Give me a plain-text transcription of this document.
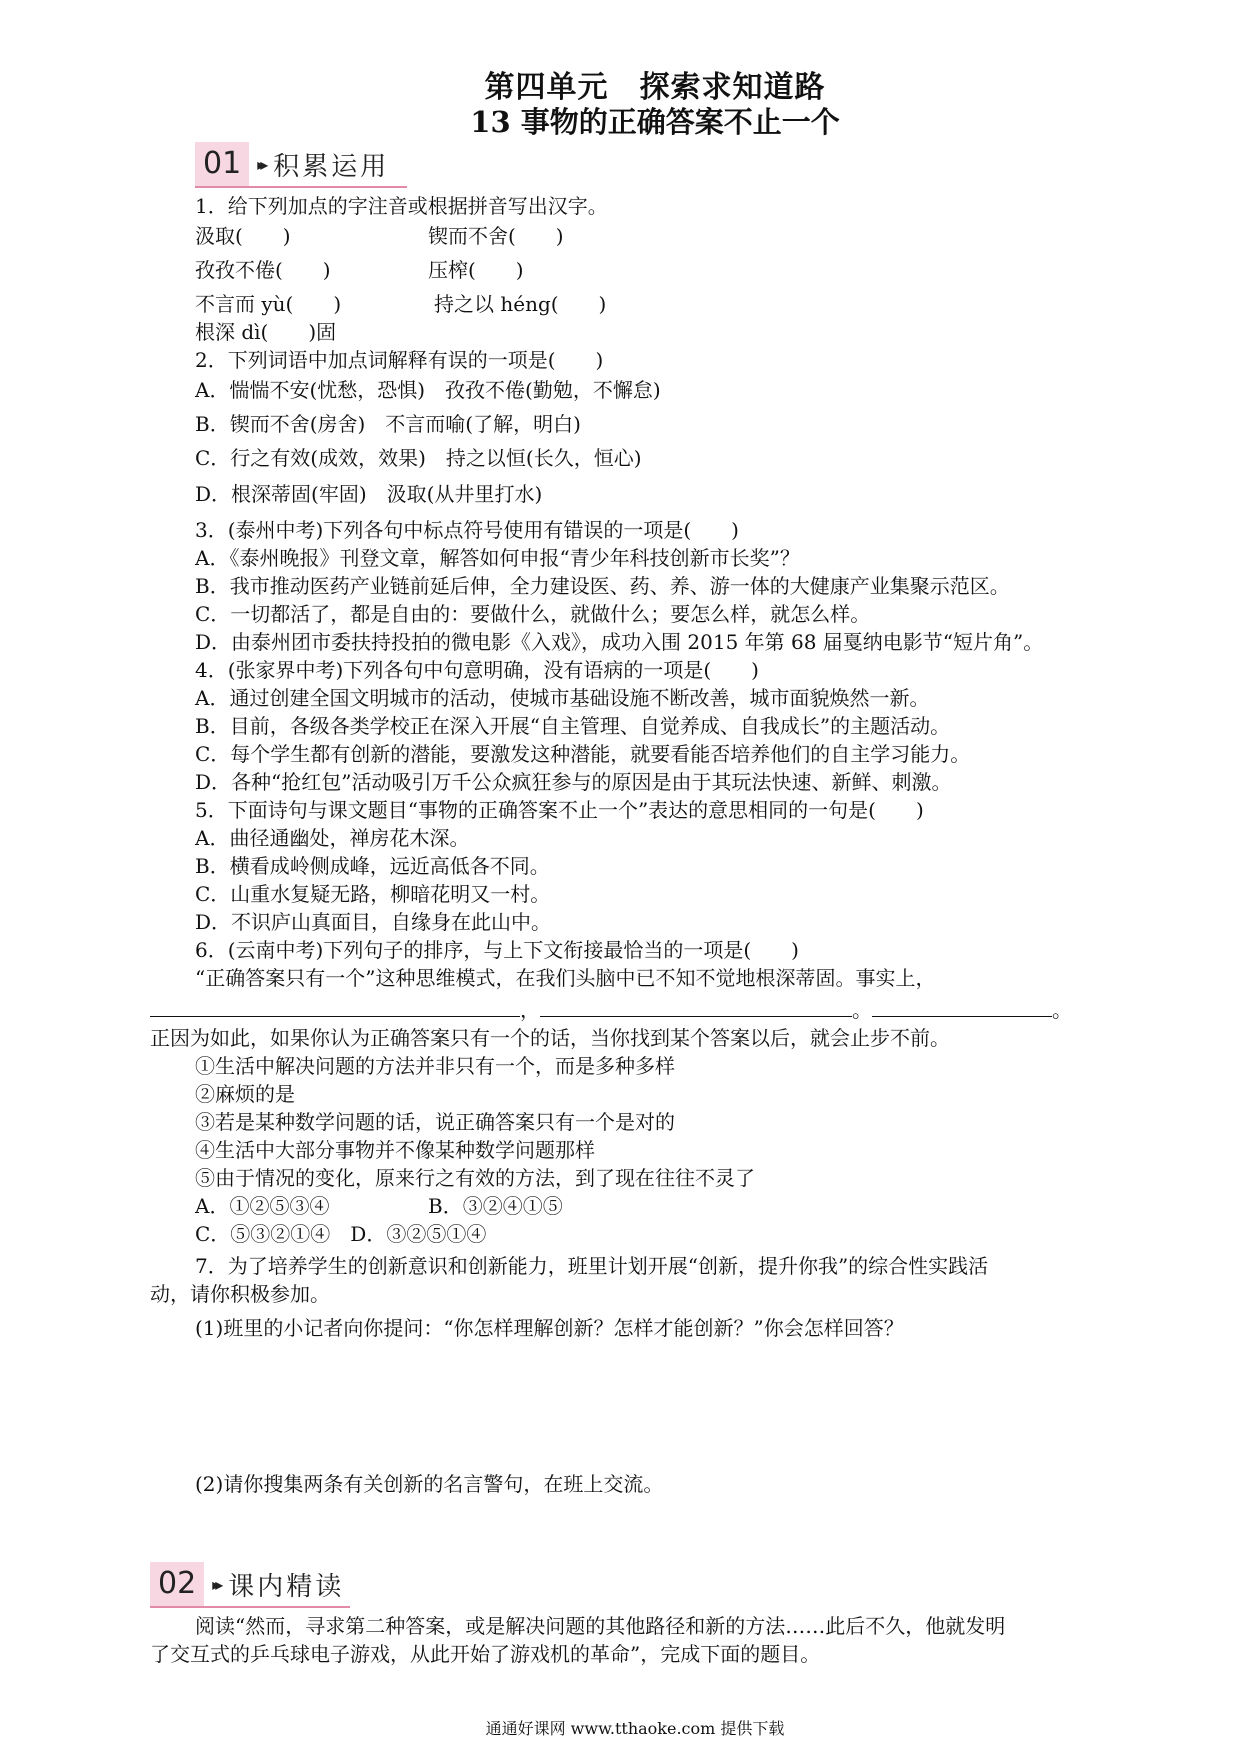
第四单元　探索求知道路
13 事物的正确答案不止一个
01	▸▸ 积累运用
1．给下列加点的字注音或根据拼音写出汉字。
汲取(　　)	锲而不舍(　　)
孜孜不倦(　　)	压榨(　　)
不言而 yù(　　)	持之以 héng(　　)
根深 dì(　　)固
2．下列词语中加点词解释有误的一项是(　　)
A．惴惴不安(忧愁，恐惧)　孜孜不倦(勤勉，不懈怠)
B．锲而不舍(房舍)　不言而喻(了解，明白)
C．行之有效(成效，效果)　持之以恒(长久，恒心)
D．根深蒂固(牢固)　汲取(从井里打水)
3．(泰州中考)下列各句中标点符号使用有错误的一项是(　　)
A．《泰州晚报》刊登文章，解答如何申报“青少年科技创新市长奖”？
B．我市推动医药产业链前延后伸，全力建设医、药、养、游一体的大健康产业集聚示范区。
C．一切都活了，都是自由的：要做什么，就做什么；要怎么样，就怎么样。
D．由泰州团市委扶持投拍的微电影《入戏》，成功入围 2015 年第 68 届戛纳电影节“短片角”。
4．(张家界中考)下列各句中句意明确，没有语病的一项是(　　)
A．通过创建全国文明城市的活动，使城市基础设施不断改善，城市面貌焕然一新。
B．目前，各级各类学校正在深入开展“自主管理、自觉养成、自我成长”的主题活动。
C．每个学生都有创新的潜能，要激发这种潜能，就要看能否培养他们的自主学习能力。
D．各种“抢红包”活动吸引万千公众疯狂参与的原因是由于其玩法快速、新鲜、刺激。
5．下面诗句与课文题目“事物的正确答案不止一个”表达的意思相同的一句是(　　)
A．曲径通幽处，禅房花木深。
B．横看成岭侧成峰，远近高低各不同。
C．山重水复疑无路，柳暗花明又一村。
D．不识庐山真面目，自缘身在此山中。
6．(云南中考)下列句子的排序，与上下文衔接最恰当的一项是(　　)
“正确答案只有一个”这种思维模式，在我们头脑中已不知不觉地根深蒂固。事实上，
，	。	。
正因为如此，如果你认为正确答案只有一个的话，当你找到某个答案以后，就会止步不前。
①生活中解决问题的方法并非只有一个，而是多种多样
②麻烦的是
③若是某种数学问题的话，说正确答案只有一个是对的
④生活中大部分事物并不像某种数学问题那样
⑤由于情况的变化，原来行之有效的方法，到了现在往往不灵了
A．①②⑤③④	B．③②④①⑤
C．⑤③②①④　D．③②⑤①④
7．为了培养学生的创新意识和创新能力，班里计划开展“创新，提升你我”的综合性实践活
动，请你积极参加。
(1)班里的小记者向你提问：“你怎样理解创新？怎样才能创新？”你会怎样回答？
(2)请你搜集两条有关创新的名言警句，在班上交流。
02	▸▸ 课内精读
阅读“然而，寻求第二种答案，或是解决问题的其他路径和新的方法……此后不久，他就发明
了交互式的乒乓球电子游戏，从此开始了游戏机的革命”，完成下面的题目。
通通好课网 www.tthaoke.com 提供下载
